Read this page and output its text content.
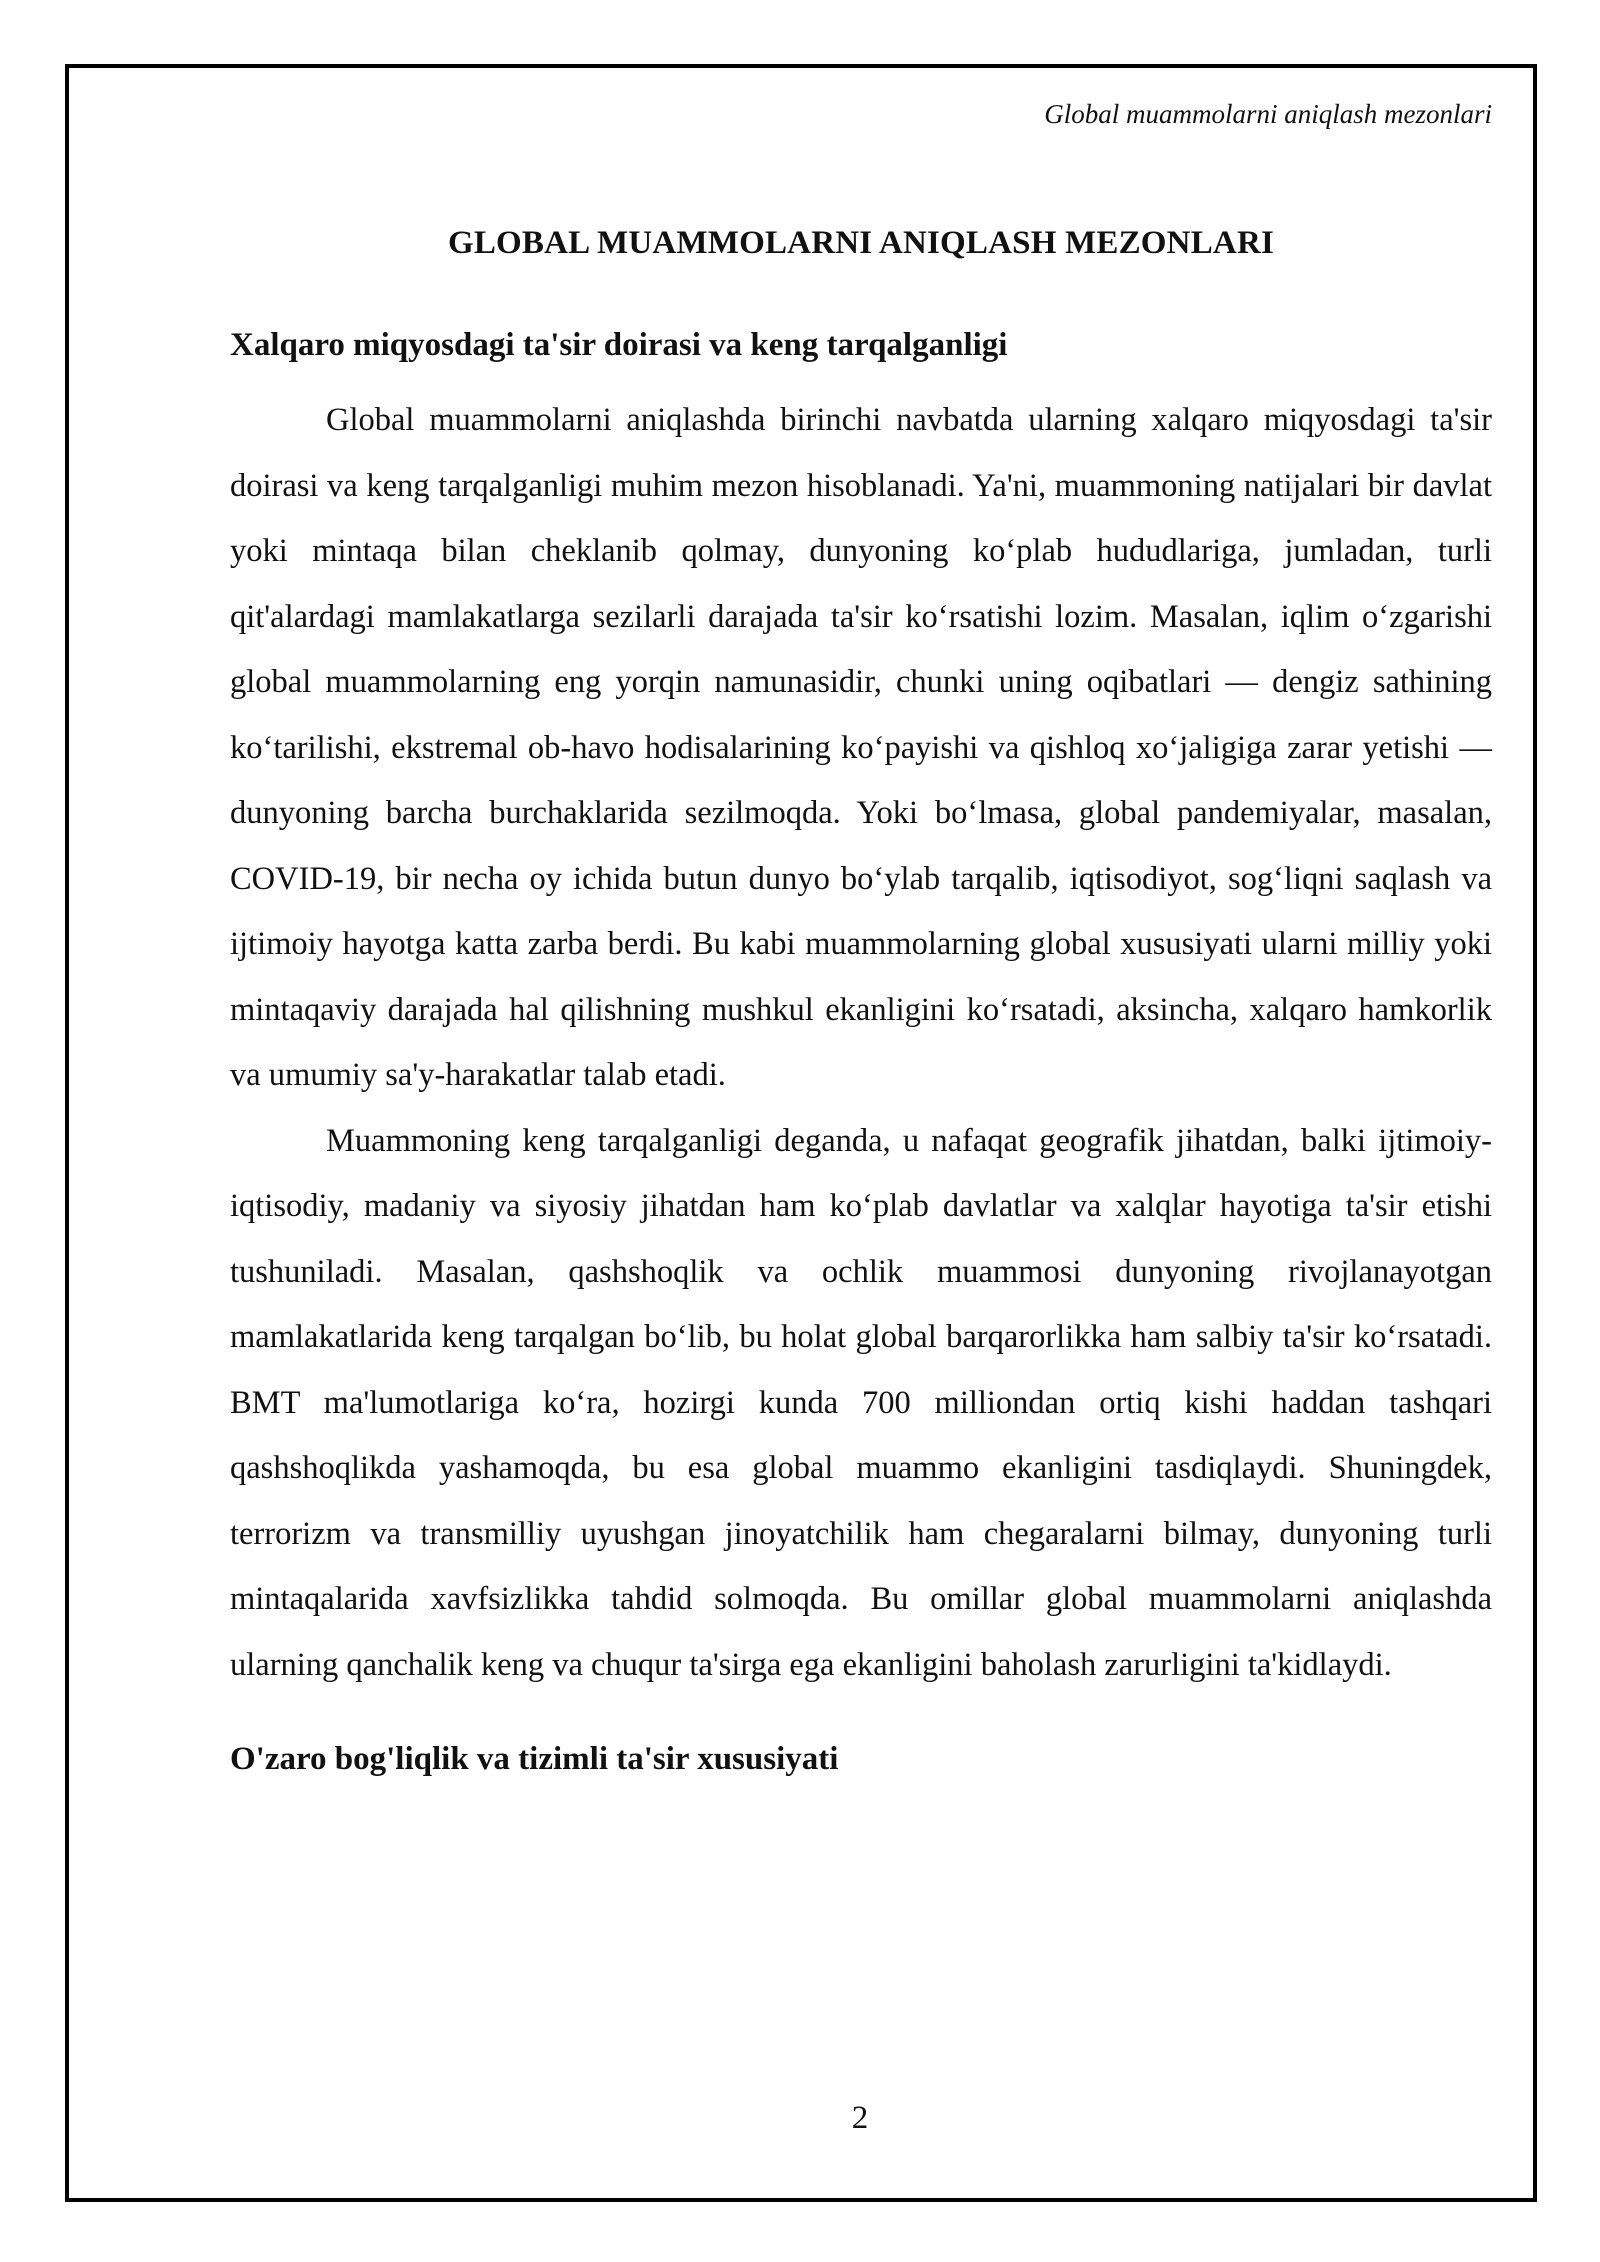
Global muammolarni aniqlash mezonlari
GLOBAL MUAMMOLARNI ANIQLASH MEZONLARI
Xalqaro miqyosdagi ta'sir doirasi va keng tarqalganligi

Global muammolarni aniqlashda birinchi navbatda ularning xalqaro miqyosdagi ta'sir doirasi va keng tarqalganligi muhim mezon hisoblanadi. Ya'ni, muammoning natijalari bir davlat yoki mintaqa bilan cheklanib qolmay, dunyoning ko‘plab hududlariga, jumladan, turli qit'alardagi mamlakatlarga sezilarli darajada ta'sir ko‘rsatishi lozim. Masalan, iqlim o‘zgarishi global muammolarning eng yorqin namunasidir, chunki uning oqibatlari — dengiz sathining ko‘tarilishi, ekstremal ob-havo hodisalarining ko‘payishi va qishloq xo‘jaligiga zarar yetishi — dunyoning barcha burchaklarida sezilmoqda. Yoki bo‘lmasa, global pandemiyalar, masalan, COVID-19, bir necha oy ichida butun dunyo bo‘ylab tarqalib, iqtisodiyot, sog‘liqni saqlash va ijtimoiy hayotga katta zarba berdi. Bu kabi muammolarning global xususiyati ularni milliy yoki mintaqaviy darajada hal qilishning mushkul ekanligini ko‘rsatadi, aksincha, xalqaro hamkorlik va umumiy sa'y-harakatlar talab etadi.

Muammoning keng tarqalganligi deganda, u nafaqat geografik jihatdan, balki ijtimoiy-iqtisodiy, madaniy va siyosiy jihatdan ham ko‘plab davlatlar va xalqlar hayotiga ta'sir etishi tushuniladi. Masalan, qashshoqlik va ochlik muammosi dunyoning rivojlanayotgan mamlakatlarida keng tarqalgan bo‘lib, bu holat global barqarorlikka ham salbiy ta'sir ko‘rsatadi. BMT ma'lumotlariga ko‘ra, hozirgi kunda 700 milliondan ortiq kishi haddan tashqari qashshoqlikda yashamoqda, bu esa global muammo ekanligini tasdiqlaydi. Shuningdek, terrorizm va transmilliy uyushgan jinoyatchilik ham chegaralarni bilmay, dunyoning turli mintaqalarida xavfsizlikka tahdid solmoqda. Bu omillar global muammolarni aniqlashda ularning qanchalik keng va chuqur ta'sirga ega ekanligini baholash zarurligini ta'kidlaydi.

O'zaro bog'liqlik va tizimli ta'sir xususiyati
2
